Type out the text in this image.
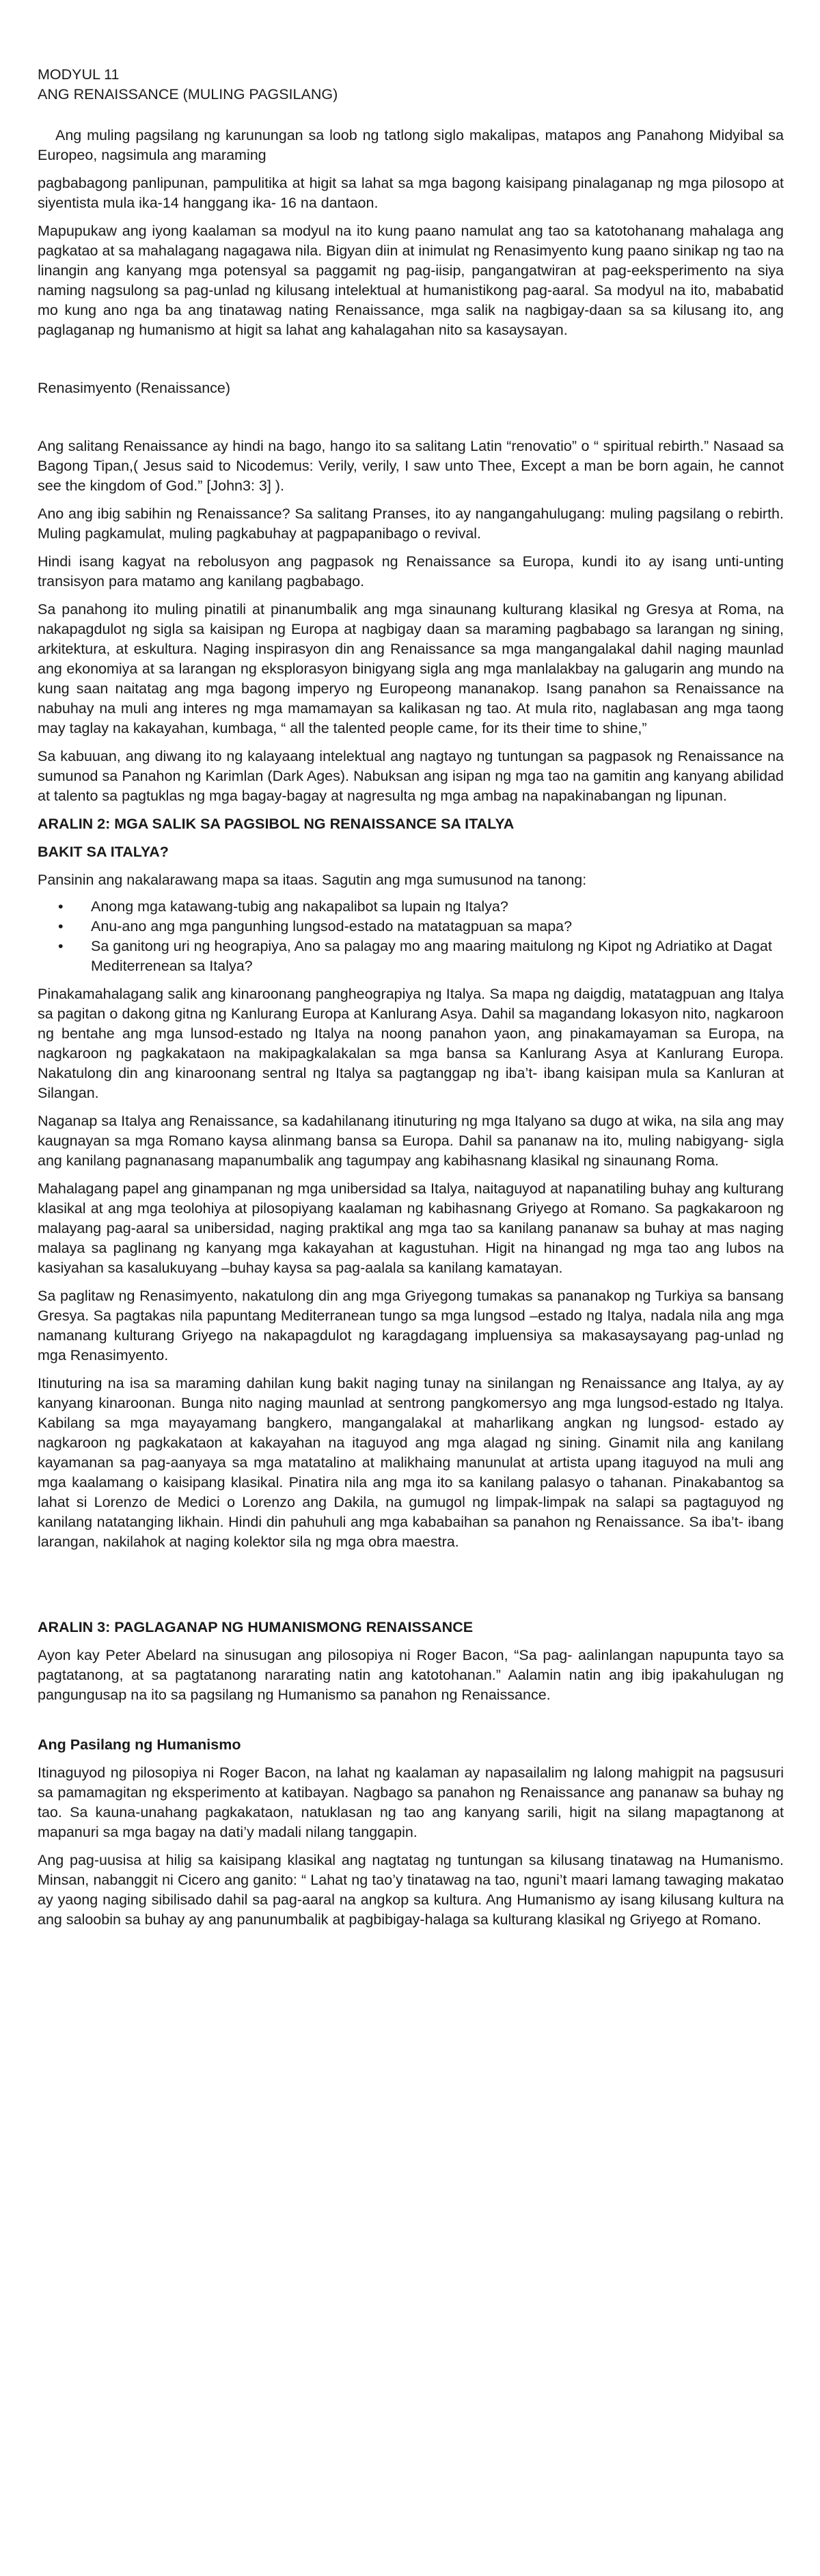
MODYUL 11

ANG RENAISSANCE (MULING PAGSILANG)

Ang muling pagsilang ng karunungan sa loob ng tatlong siglo makalipas, matapos ang Panahong Midyibal sa Europeo, nagsimula ang maraming

pagbabagong panlipunan, pampulitika at higit sa lahat sa mga bagong kaisipang pinalaganap ng mga pilosopo at siyentista mula ika-14 hanggang ika- 16 na dantaon.

Mapupukaw ang iyong kaalaman sa modyul na ito kung paano namulat ang tao sa katotohanang mahalaga ang pagkatao at sa mahalagang nagagawa nila. Bigyan diin at inimulat ng Renasimyento kung paano sinikap ng tao na linangin ang kanyang mga potensyal sa paggamit ng pag-iisip, pangangatwiran at pag-eeksperimento na siya naming nagsulong sa pag-unlad ng kilusang intelektual at humanistikong pag-aaral. Sa modyul na ito, mababatid mo kung ano nga ba ang tinatawag nating Renaissance, mga salik na nagbigay-daan sa sa kilusang ito, ang paglaganap ng humanismo at higit sa lahat ang kahalagahan nito sa kasaysayan.

Renasimyento (Renaissance)

Ang salitang Renaissance ay hindi na bago, hango ito sa salitang Latin “renovatio” o “ spiritual rebirth.” Nasaad sa Bagong Tipan,( Jesus said to Nicodemus: Verily, verily, I saw unto Thee, Except a man be born again, he cannot see the kingdom of God.” [John3: 3] ).

Ano ang ibig sabihin ng Renaissance? Sa salitang Pranses, ito ay nangangahulugang: muling pagsilang o rebirth. Muling pagkamulat, muling pagkabuhay at pagpapanibago o revival.

Hindi isang kagyat na rebolusyon ang pagpasok ng Renaissance sa Europa, kundi ito ay isang unti-unting transisyon para matamo ang kanilang pagbabago.

Sa panahong ito muling pinatili at pinanumbalik ang mga sinaunang kulturang klasikal ng Gresya at Roma, na nakapagdulot ng sigla sa kaisipan ng Europa at nagbigay daan sa maraming pagbabago sa larangan ng sining, arkitektura, at eskultura. Naging inspirasyon din ang Renaissance sa mga mangangalakal dahil naging maunlad ang ekonomiya at sa larangan ng eksplorasyon binigyang sigla ang mga manlalakbay na galugarin ang mundo na kung saan naitatag ang mga bagong imperyo ng Europeong mananakop. Isang panahon sa Renaissance na nabuhay na muli ang interes ng mga mamamayan sa kalikasan ng tao. At mula rito, naglabasan ang mga taong may taglay na kakayahan, kumbaga, “ all the talented people came, for its their time to shine,”

Sa kabuuan, ang diwang ito ng kalayaang intelektual ang nagtayo ng tuntungan sa pagpasok ng Renaissance na sumunod sa Panahon ng Karimlan (Dark Ages). Nabuksan ang isipan ng mga tao na gamitin ang kanyang abilidad at talento sa pagtuklas ng mga bagay-bagay at nagresulta ng mga ambag na napakinabangan ng lipunan.

ARALIN 2: MGA SALIK SA PAGSIBOL NG RENAISSANCE SA ITALYA

BAKIT SA ITALYA?

Pansinin ang nakalarawang mapa sa itaas. Sagutin ang mga sumusunod na tanong:

• Anong mga katawang-tubig ang nakapalibot sa lupain ng Italya?
• Anu-ano ang mga pangunhing lungsod-estado na matatagpuan sa mapa?
• Sa ganitong uri ng heograpiya, Ano sa palagay mo ang maaring maitulong ng Kipot ng Adriatiko at Dagat Mediterrenean sa Italya?

Pinakamahalagang salik ang kinaroonang pangheograpiya ng Italya. Sa mapa ng daigdig, matatagpuan ang Italya sa pagitan o dakong gitna ng Kanlurang Europa at Kanlurang Asya. Dahil sa magandang lokasyon nito, nagkaroon ng bentahe ang mga lunsod-estado ng Italya na noong panahon yaon, ang pinakamayaman sa Europa, na nagkaroon ng pagkakataon na makipagkalakalan sa mga bansa sa Kanlurang Asya at Kanlurang Europa. Nakatulong din ang kinaroonang sentral ng Italya sa pagtanggap ng iba’t- ibang kaisipan mula sa Kanluran at Silangan.

Naganap sa Italya ang Renaissance, sa kadahilanang itinuturing ng mga Italyano sa dugo at wika, na sila ang may kaugnayan sa mga Romano kaysa alinmang bansa sa Europa. Dahil sa pananaw na ito, muling nabigyang- sigla ang kanilang pagnanasang mapanumbalik ang tagumpay ang kabihasnang klasikal ng sinaunang Roma.

Mahalagang papel ang ginampanan ng mga unibersidad sa Italya, naitaguyod at napanatiling buhay ang kulturang klasikal at ang mga teolohiya at pilosopiyang kaalaman ng kabihasnang Griyego at Romano. Sa pagkakaroon ng malayang pag-aaral sa unibersidad, naging praktikal ang mga tao sa kanilang pananaw sa buhay at mas naging malaya sa paglinang ng kanyang mga kakayahan at kagustuhan. Higit na hinangad ng mga tao ang lubos na kasiyahan sa kasalukuyang –buhay kaysa sa pag-aalala sa kanilang kamatayan.

Sa paglitaw ng Renasimyento, nakatulong din ang mga Griyegong tumakas sa pananakop ng Turkiya sa bansang Gresya. Sa pagtakas nila papuntang Mediterranean tungo sa mga lungsod –estado ng Italya, nadala nila ang mga namanang kulturang Griyego na nakapagdulot ng karagdagang impluensiya sa makasaysayang pag-unlad ng mga Renasimyento.

Itinuturing na isa sa maraming dahilan kung bakit naging tunay na sinilangan ng Renaissance ang Italya, ay ay kanyang kinaroonan. Bunga nito naging maunlad at sentrong pangkomersyo ang mga lungsod-estado ng Italya. Kabilang sa mga mayayamang bangkero, mangangalakal at maharlikang angkan ng lungsod- estado ay nagkaroon ng pagkakataon at kakayahan na itaguyod ang mga alagad ng sining. Ginamit nila ang kanilang kayamanan sa pag-aanyaya sa mga matatalino at malikhaing manunulat at artista upang itaguyod na muli ang mga kaalamang o kaisipang klasikal. Pinatira nila ang mga ito sa kanilang palasyo o tahanan. Pinakabantog sa lahat si Lorenzo de Medici o Lorenzo ang Dakila, na gumugol ng limpak-limpak na salapi sa pagtaguyod ng kanilang natatanging likhain. Hindi din pahuhuli ang mga kababaihan sa panahon ng Renaissance. Sa iba’t- ibang larangan, nakilahok at naging kolektor sila ng mga obra maestra.

ARALIN 3: PAGLAGANAP NG HUMANISMONG RENAISSANCE

Ayon kay Peter Abelard na sinusugan ang pilosopiya ni Roger Bacon, “Sa pag- aalinlangan napupunta tayo sa pagtatanong, at sa pagtatanong nararating natin ang katotohanan.” Aalamin natin ang ibig ipakahulugan ng pangungusap na ito sa pagsilang ng Humanismo sa panahon ng Renaissance.

Ang Pasilang ng Humanismo

Itinaguyod ng pilosopiya ni Roger Bacon, na lahat ng kaalaman ay napasailalim ng lalong mahigpit na pagsusuri sa pamamagitan ng eksperimento at katibayan. Nagbago sa panahon ng Renaissance ang pananaw sa buhay ng tao. Sa kauna-unahang pagkakataon, natuklasan ng tao ang kanyang sarili, higit na silang mapagtanong at mapanuri sa mga bagay na dati’y madali nilang tanggapin.

Ang pag-uusisa at hilig sa kaisipang klasikal ang nagtatag ng tuntungan sa kilusang tinatawag na Humanismo. Minsan, nabanggit ni Cicero ang ganito: “ Lahat ng tao’y tinatawag na tao, nguni’t maari lamang tawaging makatao ay yaong naging sibilisado dahil sa pag-aaral na angkop sa kultura. Ang Humanismo ay isang kilusang kultura na ang saloobin sa buhay ay ang panunumbalik at pagbibigay-halaga sa kulturang klasikal ng Griyego at Romano.
